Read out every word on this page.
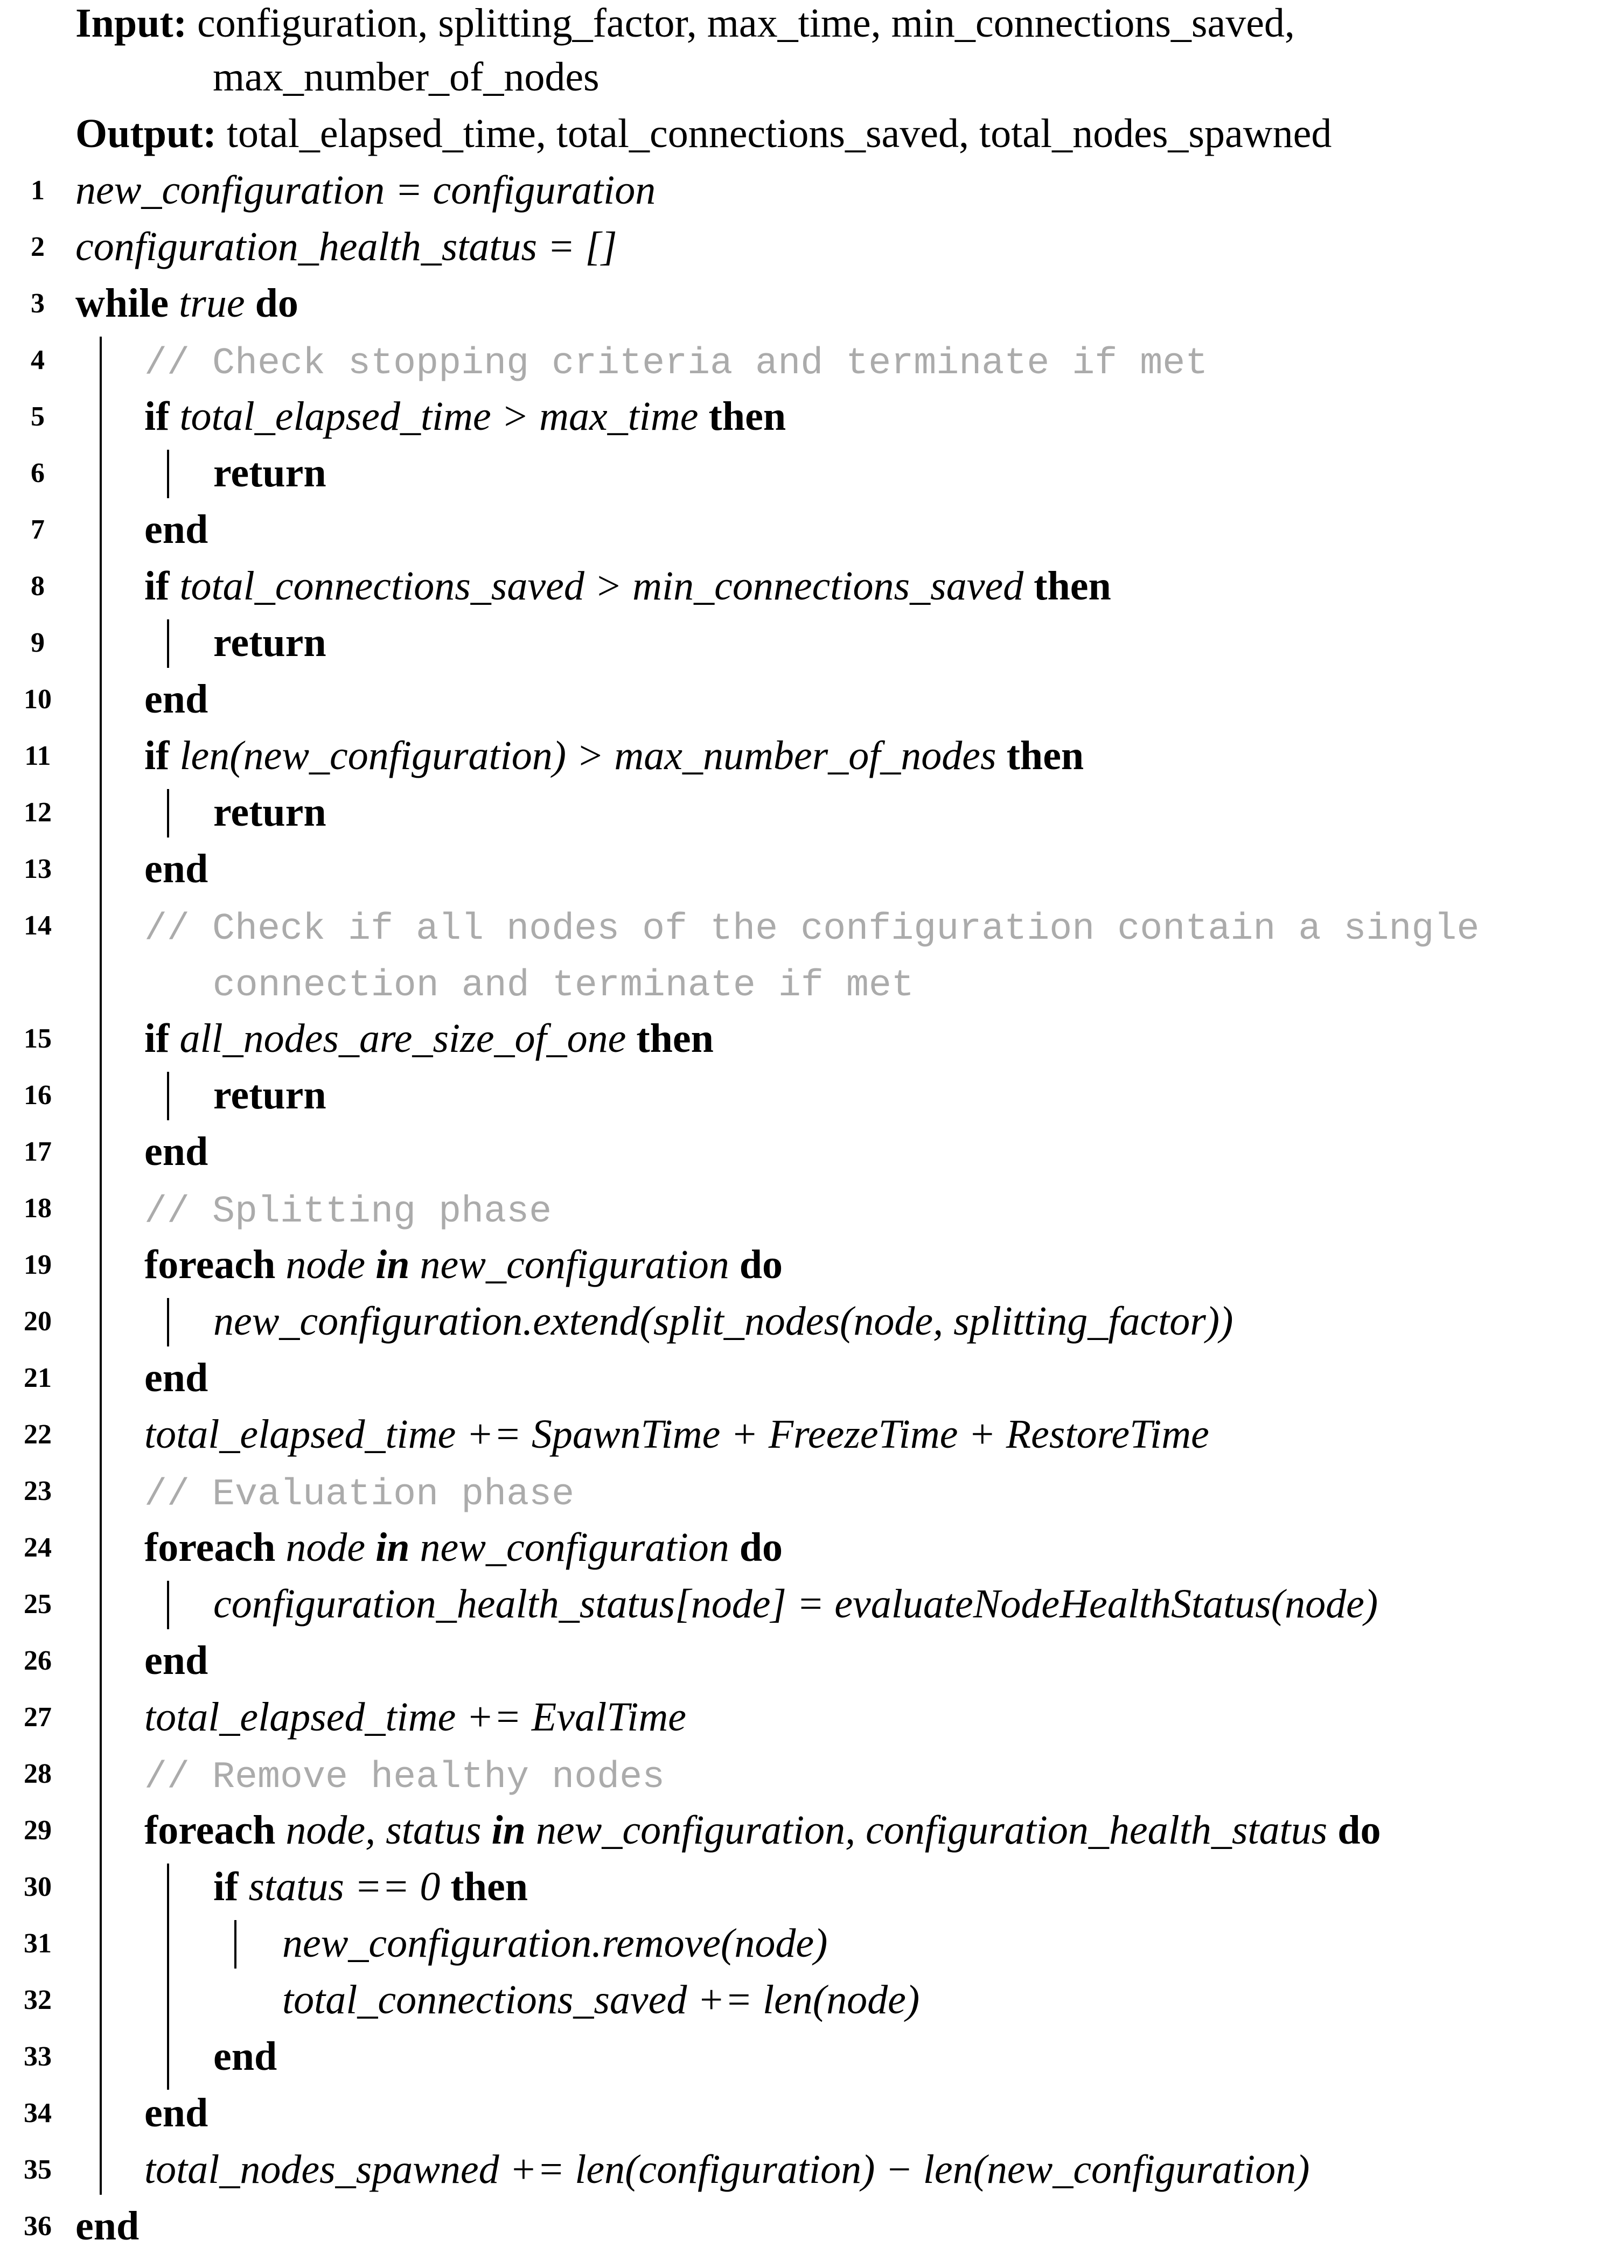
Input: configuration, splitting_factor, max_time, min_connections_saved,
max_number_of_nodes
Output: total_elapsed_time, total_connections_saved, total_nodes_spawned
1 new_configuration = configuration
2 configuration_health_status = []
3 while true do
4	// Check stopping criteria and terminate if met
5	if total_elapsed_time > max_time then
6	return
7	end
8	if total_connections_saved > min_connections_saved then
9	return
10 end
11 if len(new_configuration) > max_number_of_nodes then
12	return
13 end
14 // Check if all nodes of the configuration contain a single
connection and terminate if met
15 if all_nodes_are_size_of_one then
16	return
17 end
18 // Splitting phase
19 foreach node in new_configuration do
20	new_configuration.extend(split_nodes(node, splitting_factor))
21 end
22 total_elapsed_time += SpawnTime + FreezeTime + RestoreTime
23 // Evaluation phase
24 foreach node in new_configuration do
25	configuration_health_status[node] = evaluateNodeHealthStatus(node)
26 end
27 total_elapsed_time += EvalTime
28 // Remove healthy nodes
29 foreach node, status in new_configuration, configuration_health_status do
30	if status == 0 then
31	new_configuration.remove(node)
32	total_connections_saved += len(node)
33	end
34 end
35 total_nodes_spawned += len(configuration) − len(new_configuration)
36 end
